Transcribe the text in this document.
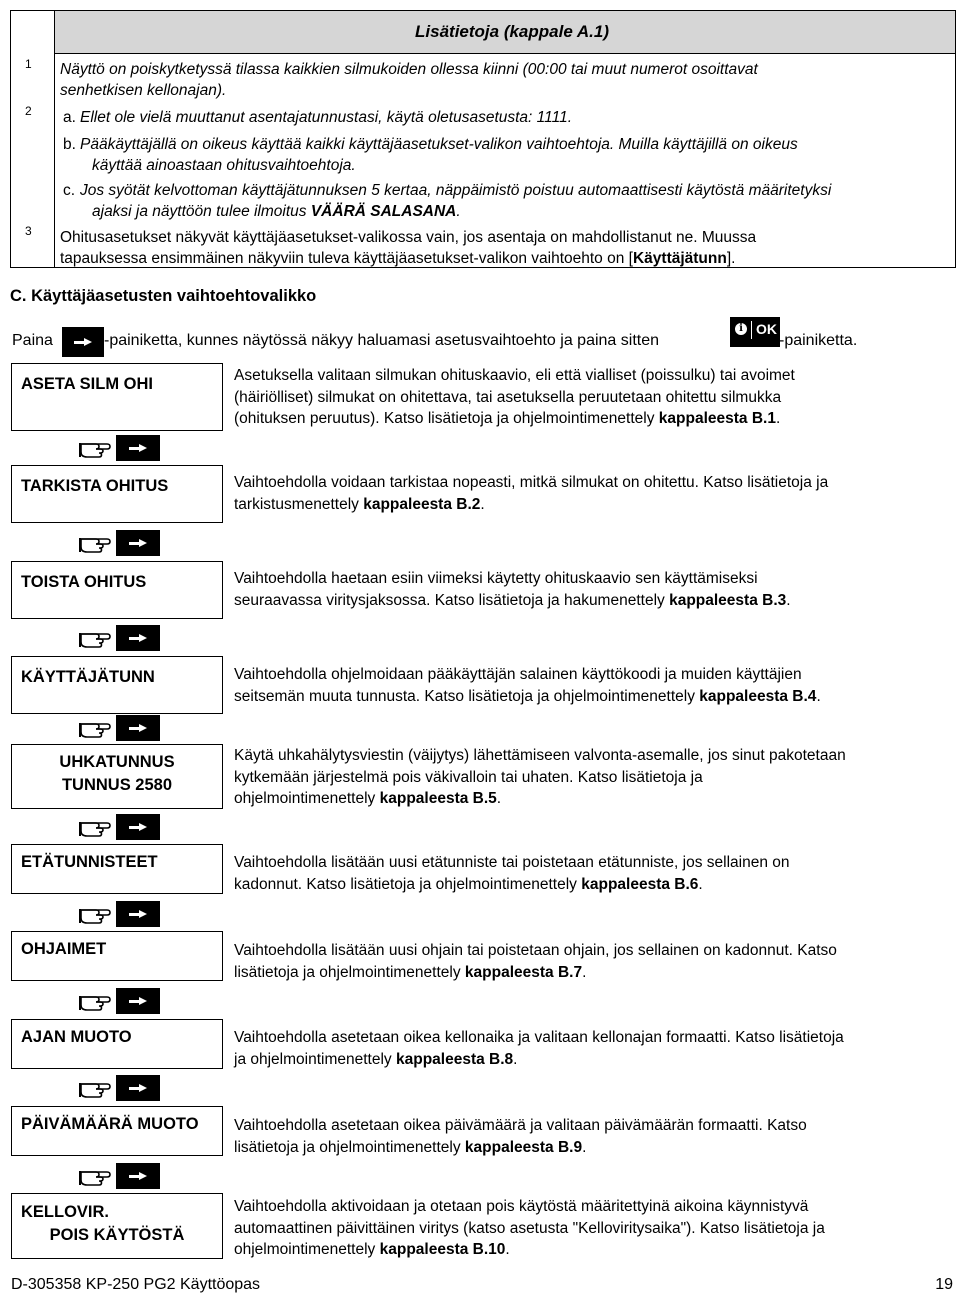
Lisätietoja (kappale A.1)
1
2
3
Näyttö on poiskytketyssä tilassa kaikkien silmukoiden ollessa kiinni (00:00 tai muut numerot osoittavat
senhetkisen kellonajan).
a. Ellet ole vielä muuttanut asentajatunnustasi, käytä oletusasetusta: 1111.
b. Pääkäyttäjällä on oikeus käyttää kaikki käyttäjäasetukset-valikon vaihtoehtoja. Muilla käyttäjillä on oikeus
käyttää ainoastaan ohitusvaihtoehtoja.
c. Jos syötät kelvottoman käyttäjätunnuksen 5 kertaa, näppäimistö poistuu automaattisesti käytöstä määritetyksi
ajaksi ja näyttöön tulee ilmoitus VÄÄRÄ SALASANA.
Ohitusasetukset näkyvät käyttäjäasetukset-valikossa vain, jos asentaja on mahdollistanut ne. Muussa
tapauksessa ensimmäinen näkyviin tuleva käyttäjäasetukset-valikon vaihtoehto on [Käyttäjätunn].
C. Käyttäjäasetusten vaihtoehtovalikko
Paina	-painiketta, kunnes näytössä näkyy haluamasi asetusvaihtoehto ja paina sitten
i OK
-painiketta.
ASETA SILM OHI	Asetuksella valitaan silmukan ohituskaavio, eli että vialliset (poissulku) tai avoimet
(häiriölliset) silmukat on ohitettava, tai asetuksella peruutetaan ohitettu silmukka
(ohituksen peruutus). Katso lisätietoja ja ohjelmointimenettely kappaleesta B.1.
TARKISTA OHITUS	Vaihtoehdolla voidaan tarkistaa nopeasti, mitkä silmukat on ohitettu. Katso lisätietoja ja
tarkistusmenettely kappaleesta B.2.
TOISTA OHITUS	Vaihtoehdolla haetaan esiin viimeksi käytetty ohituskaavio sen käyttämiseksi
seuraavassa viritysjaksossa. Katso lisätietoja ja hakumenettely kappaleesta B.3.
KÄYTTÄJÄTUNN	Vaihtoehdolla ohjelmoidaan pääkäyttäjän salainen käyttökoodi ja muiden käyttäjien
seitsemän muuta tunnusta. Katso lisätietoja ja ohjelmointimenettely kappaleesta B.4.
UHKATUNNUS
TUNNUS 2580
Käytä uhkahälytysviestin (väijytys) lähettämiseen valvonta-asemalle, jos sinut pakotetaan
kytkemään järjestelmä pois väkivalloin tai uhaten. Katso lisätietoja ja
ohjelmointimenettely kappaleesta B.5.
ETÄTUNNISTEET	Vaihtoehdolla lisätään uusi etätunniste tai poistetaan etätunniste, jos sellainen on
kadonnut. Katso lisätietoja ja ohjelmointimenettely kappaleesta B.6.
OHJAIMET	Vaihtoehdolla lisätään uusi ohjain tai poistetaan ohjain, jos sellainen on kadonnut. Katso
lisätietoja ja ohjelmointimenettely kappaleesta B.7.
AJAN MUOTO	Vaihtoehdolla asetetaan oikea kellonaika ja valitaan kellonajan formaatti. Katso lisätietoja
ja ohjelmointimenettely kappaleesta B.8.
PÄIVÄMÄÄRÄ MUOTO	Vaihtoehdolla asetetaan oikea päivämäärä ja valitaan päivämäärän formaatti. Katso
lisätietoja ja ohjelmointimenettely kappaleesta B.9.
KELLOVIR.
POIS KÄYTÖSTÄ
Vaihtoehdolla aktivoidaan ja otetaan pois käytöstä määritettyinä aikoina käynnistyvä
automaattinen päivittäinen viritys (katso asetusta "Kelloviritysaika"). Katso lisätietoja ja
ohjelmointimenettely kappaleesta B.10.
D-305358 KP-250 PG2 Käyttöopas	19
